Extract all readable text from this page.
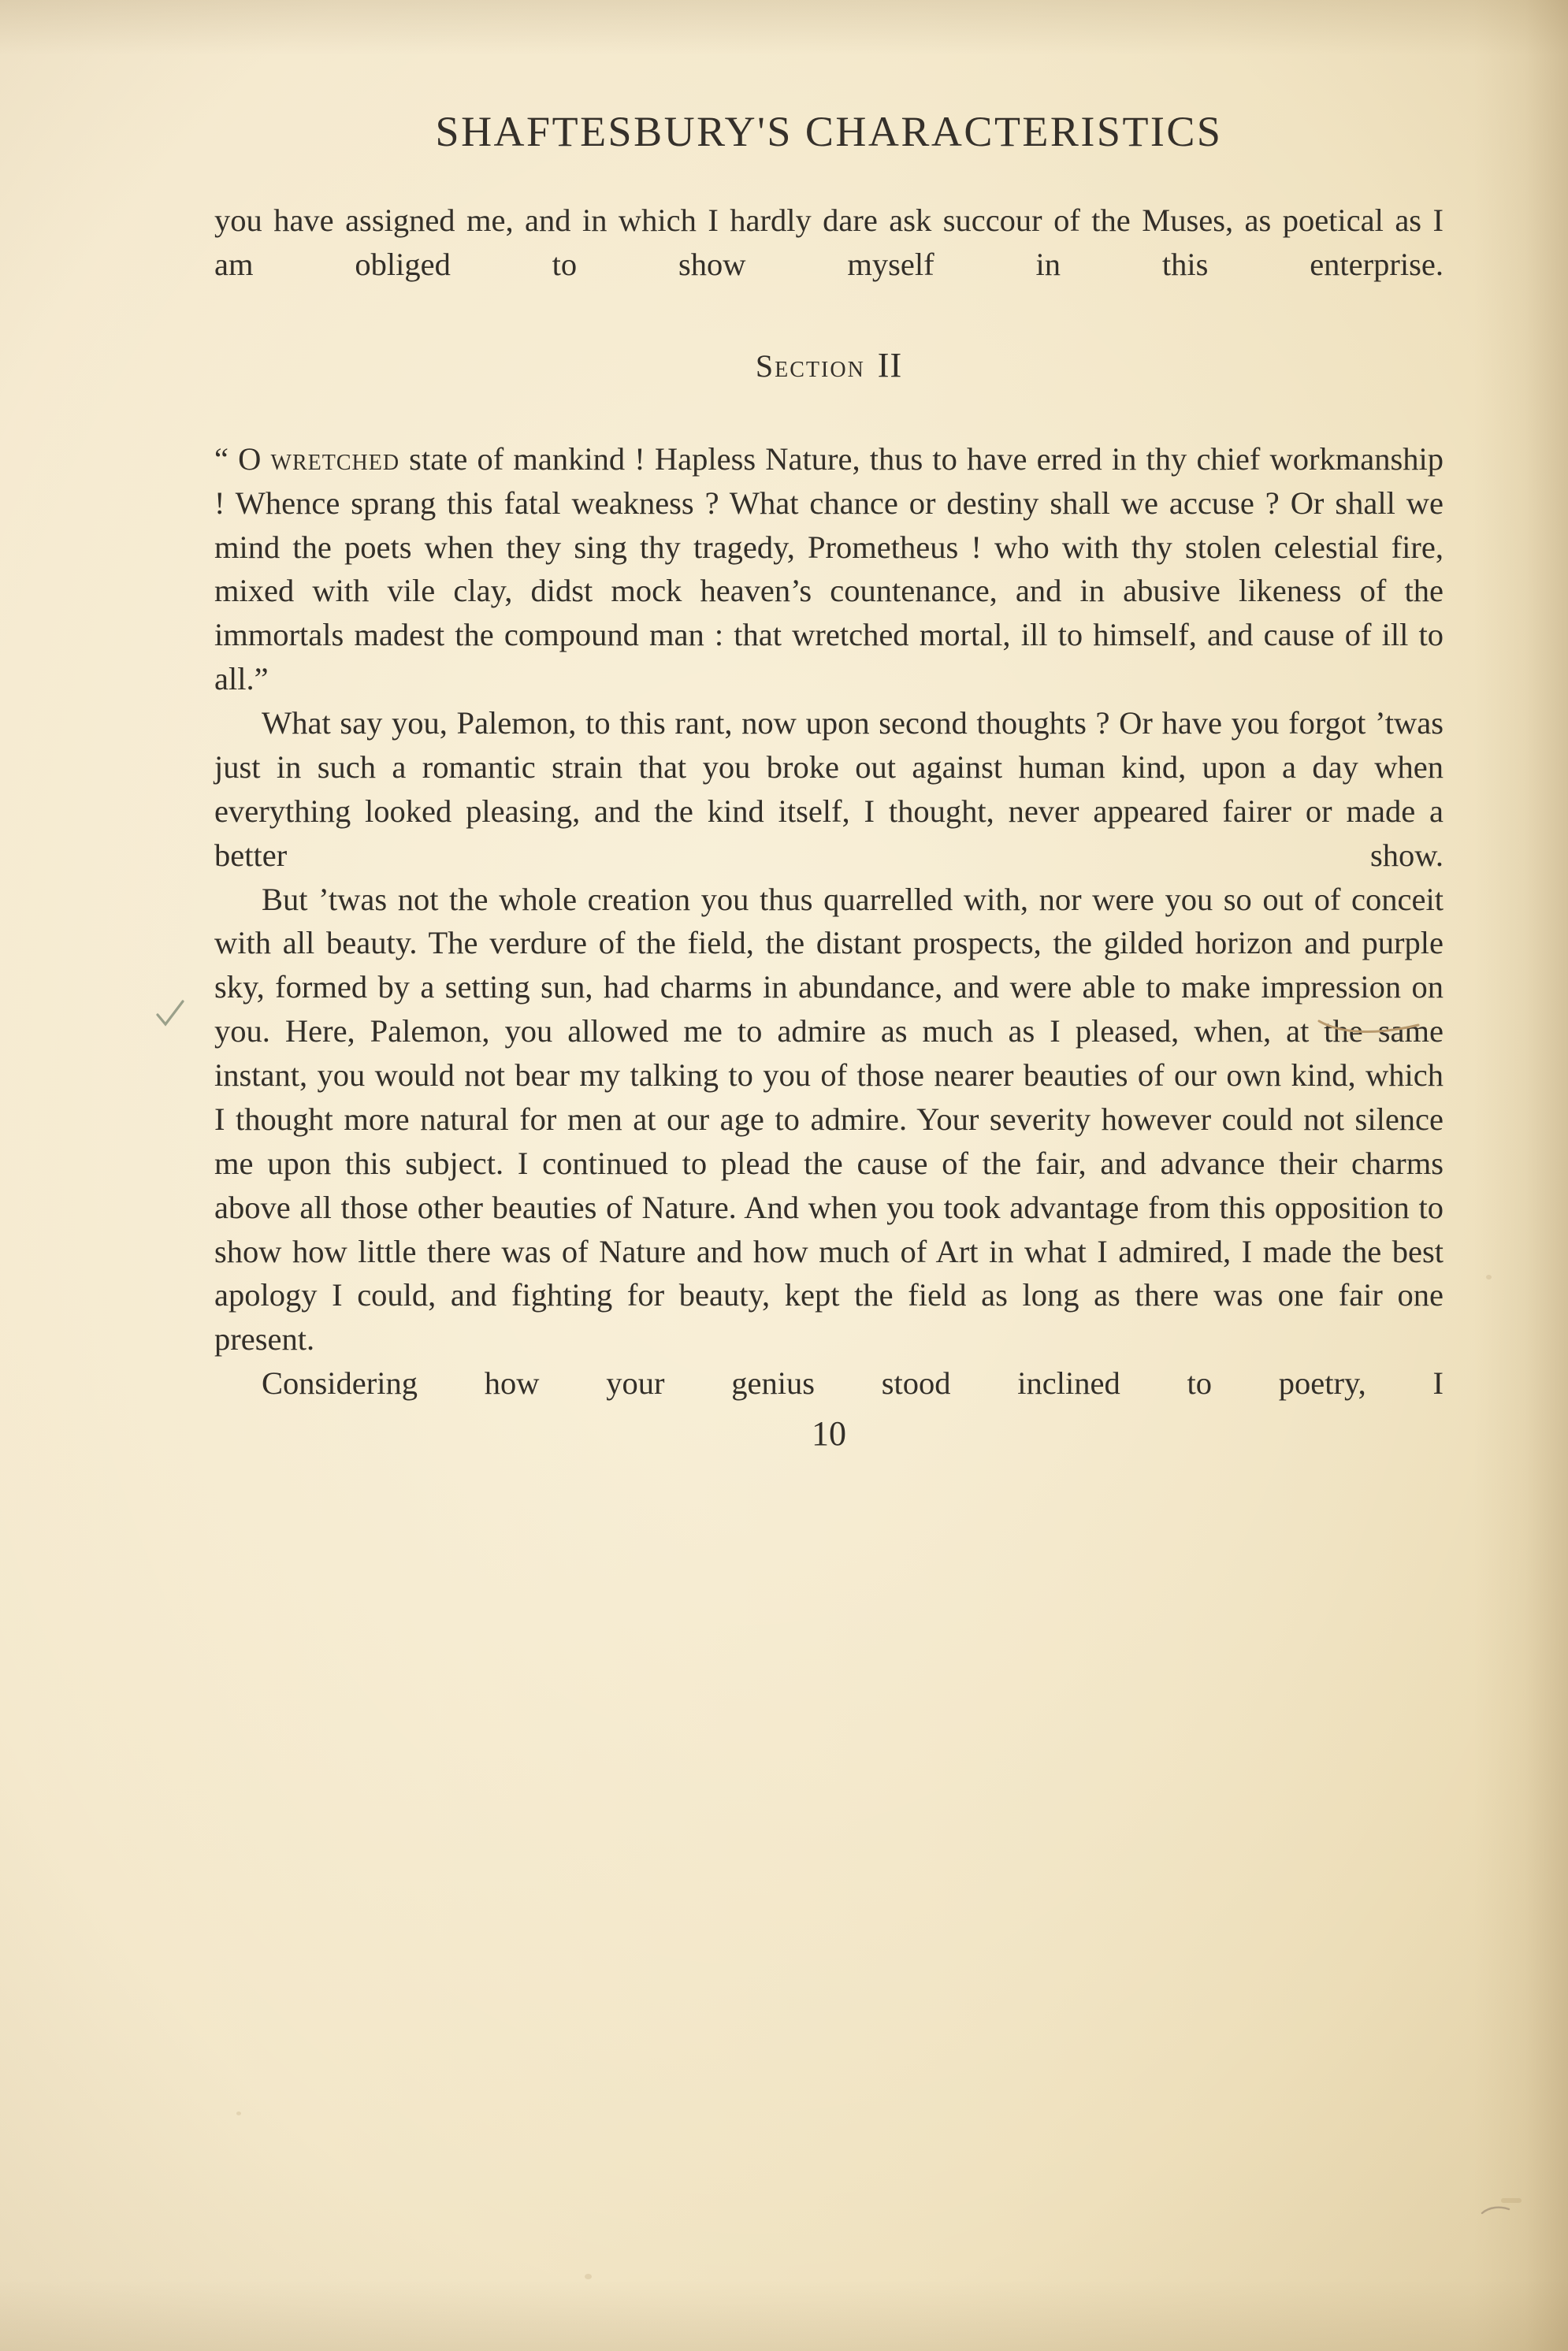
SHAFTESBURY'S CHARACTERISTICS

you have assigned me, and in which I hardly dare ask succour of the Muses, as poetical as I am obliged to show myself in this enterprise.

Section II

“ O wretched state of mankind ! Hapless Nature, thus to have erred in thy chief workmanship ! Whence sprang this fatal weakness ? What chance or destiny shall we accuse ? Or shall we mind the poets when they sing thy tragedy, Prometheus ! who with thy stolen celestial fire, mixed with vile clay, didst mock heaven’s countenance, and in abusive likeness of the immortals madest the compound man : that wretched mortal, ill to himself, and cause of ill to all.”

What say you, Palemon, to this rant, now upon second thoughts ? Or have you forgot ’twas just in such a romantic strain that you broke out against human kind, upon a day when everything looked pleasing, and the kind itself, I thought, never appeared fairer or made a better show.

But ’twas not the whole creation you thus quarrelled with, nor were you so out of conceit with all beauty. The verdure of the field, the distant prospects, the gilded horizon and purple sky, formed by a setting sun, had charms in abundance, and were able to make impression on you. Here, Palemon, you allowed me to admire as much as I pleased, when, at the same instant, you would not bear my talking to you of those nearer beauties of our own kind, which I thought more natural for men at our age to admire. Your severity however could not silence me upon this subject. I continued to plead the cause of the fair, and advance their charms above all those other beauties of Nature. And when you took advantage from this opposition to show how little there was of Nature and how much of Art in what I admired, I made the best apology I could, and fighting for beauty, kept the field as long as there was one fair one present.

Considering how your genius stood inclined to poetry, I

10
